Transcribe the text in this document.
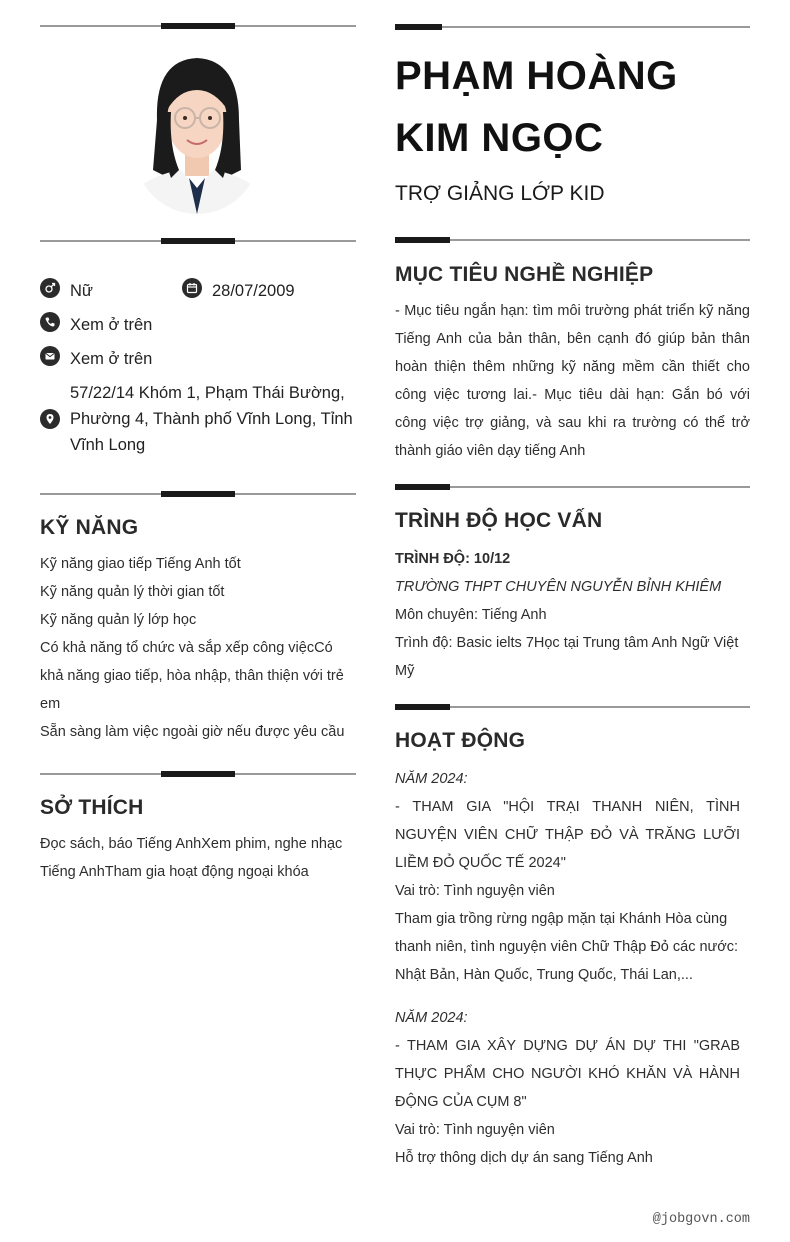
Nữ	28/07/2009
Xem ở trên
Xem ở trên
57/22/14 Khóm 1, Phạm Thái Bường,
Phường 4, Thành phố Vĩnh Long, Tỉnh
Vĩnh Long
KỸ NĂNG
Kỹ năng giao tiếp Tiếng Anh tốt
Kỹ năng quản lý thời gian tốt
Kỹ năng quản lý lớp học
Có khả năng tổ chức và sắp xếp công việcCó
khả năng giao tiếp, hòa nhập, thân thiện với trẻ
em
Sẵn sàng làm việc ngoài giờ nếu được yêu cầu
SỞ THÍCH
Đọc sách, báo Tiếng AnhXem phim, nghe nhạc
Tiếng AnhTham gia hoạt động ngoại khóa
PHẠM HOÀNG
KIM NGỌC
TRỢ GIẢNG LỚP KID
MỤC TIÊU NGHỀ NGHIỆP
- Mục tiêu ngắn hạn: tìm môi trường phát triển kỹ năng Tiếng Anh của bản thân, bên cạnh đó giúp bản thân hoàn thiện thêm những kỹ năng mềm cần thiết cho công việc tương lai.- Mục tiêu dài hạn: Gắn bó với công việc trợ giảng, và sau khi ra trường có thể trở thành giáo viên dạy tiếng Anh
TRÌNH ĐỘ HỌC VẤN
TRÌNH ĐỘ: 10/12
TRƯỜNG THPT CHUYÊN NGUYỄN BỈNH KHIÊM
Môn chuyên: Tiếng Anh
Trình độ: Basic ielts 7Học tại Trung tâm Anh Ngữ Việt Mỹ
HOẠT ĐỘNG
NĂM 2024:
- THAM GIA "HỘI TRẠI THANH NIÊN, TÌNH NGUYỆN VIÊN CHỮ THẬP ĐỎ VÀ TRĂNG LƯỠI LIỀM ĐỎ QUỐC TẾ 2024"
Vai trò: Tình nguyện viên
Tham gia trồng rừng ngập mặn tại Khánh Hòa cùng thanh niên, tình nguyện viên Chữ Thập Đỏ các nước: Nhật Bản, Hàn Quốc, Trung Quốc, Thái Lan,...
NĂM 2024:
- THAM GIA XÂY DỰNG DỰ ÁN DỰ THI "GRAB THỰC PHẨM CHO NGƯỜI KHÓ KHĂN VÀ HÀNH ĐỘNG CỦA CỤM 8"
Vai trò: Tình nguyện viên
Hỗ trợ thông dịch dự án sang Tiếng Anh
@jobgovn.com
